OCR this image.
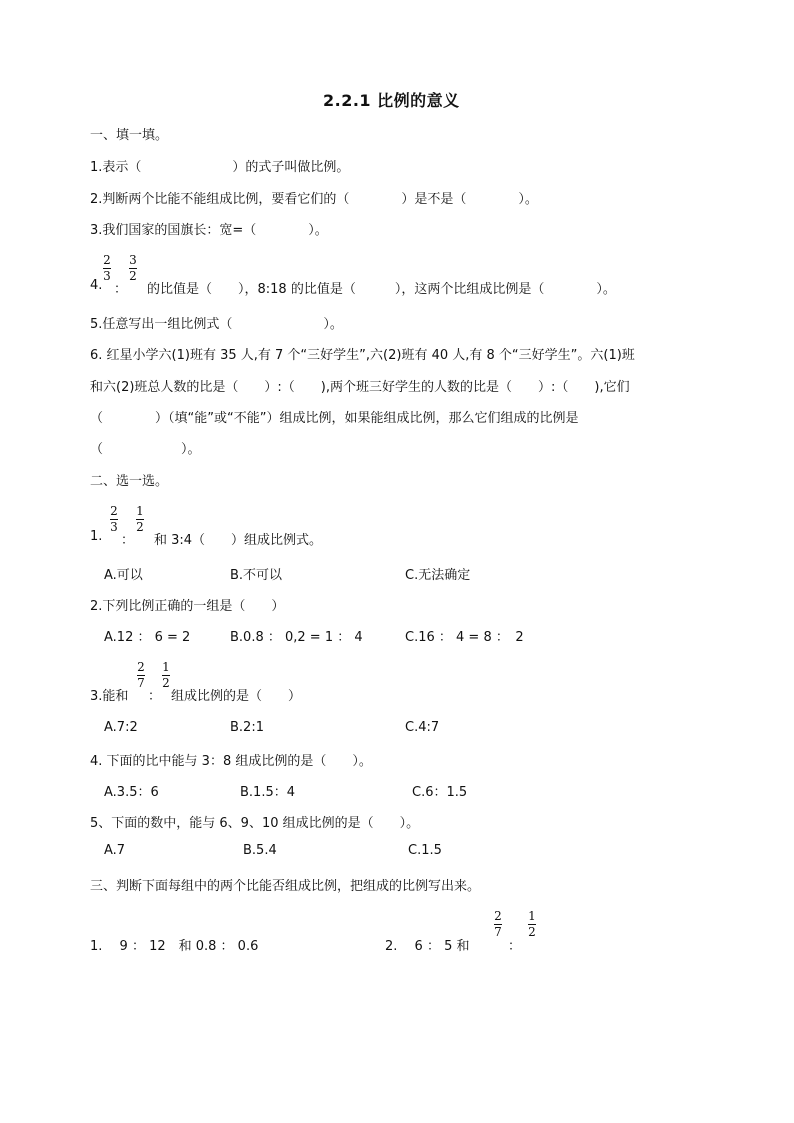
2.2.1 比例的意义
一、填一填。
1.表示（　　　　　　　）的式子叫做比例。
2.判断两个比能不能组成比例，要看它们的（　　　　）是不是（　　　　）。
3.我们国家的国旗长：宽=（　　　　）。
4.
2
3
：
3
2
的比值是（　　），8:18 的比值是（　　　），这两个比组成比例是（　　　　）。
5.任意写出一组比例式（　　　　　　　）。
6. 红星小学六(1)班有 35 人,有 7 个“三好学生”,六(2)班有 40 人,有 8 个“三好学生”。六(1)班
和六(2)班总人数的比是（　　）:（　　),两个班三好学生的人数的比是（　　）:（　　),它们
（　　　　）（填“能”或“不能”）组成比例，如果能组成比例，那么它们组成的比例是
（　　　　　　）。
二、选一选。
1.
2
3
：
1
2
和 3:4（　　）组成比例式。
A.可以	B.不可以	C.无法确定
2.下列比例正确的一组是（　　）
A.12 ： 6 = 2	B.0.8 ： 0,2 = 1 ： 4	C.16 ： 4 = 8 ：　2
3.能和
2
7
：
1
2
组成比例的是（　　）
A.7:2	B.2:1	C.4:7
4. 下面的比中能与 3：8 组成比例的是（　　）。
A.3.5：6	B.1.5：4	C.6：1.5
5、下面的数中，能与 6、9、10 组成比例的是（　　）。
A.7	B.5.4	C.1.5
三、判断下面每组中的两个比能否组成比例，把组成的比例写出来。
1.　 9 ： 12　和 0.8 ： 0.6	2.　 6 ： 5 和
2
7
：
1
2
